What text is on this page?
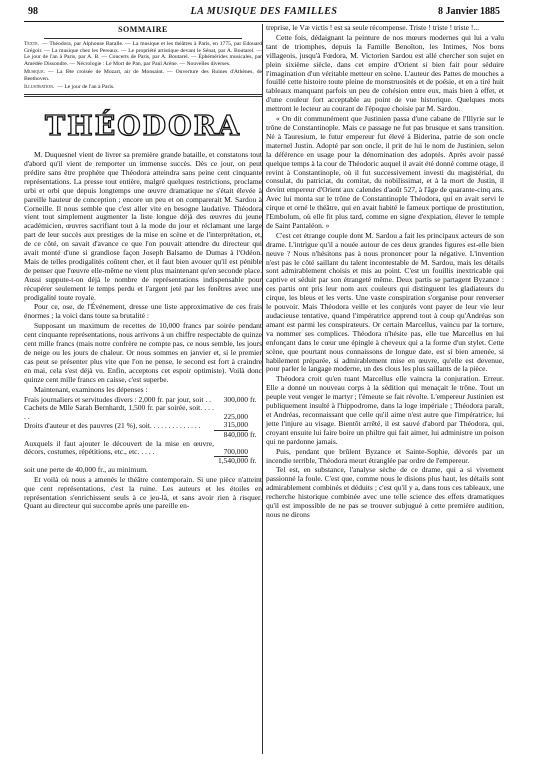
98	LA MUSIQUE DES FAMILLES	8 Janvier 1885
SOMMAIRE
Texte. — Théodora, par Alphonse Baralle. — La musique et les théâtres à Paris, en 1775, par Edouard Grégoir. — La musique chez les Pereaux. — Le propriété artistique devant le Sénat, par A. Boutarel. — Le jour de l'an à Paris, par A. B. — Concerts de Paris, par A. Boutarel. — Éphémérides musicales, par Amédée Dissondre. — Nécrologie : Le Mort de Pan, par Paul Arène. — Nouvelles diverses.
Musique. — La fête croisée de Mozart, air de Monsaint. — Ouverture des Ruines d'Athènes, de Beethoven.
Illustration. — Le jour de l'an à Paris.
THÉODORA

M. Duquesnel vient de livrer sa première grande bataille, et constatons tout d'abord qu'il vient de remporter un immense succès. Dès ce jour, on peut prédire sans être prophète que Théodora atteindra sans peine cent cinquante représentations. La presse tout entière, malgré quelques restrictions, proclame urbi et orbi que depuis longtemps une œuvre dramatique ne s'était élevée à pareille hauteur de conception ; encore un peu et on comparerait M. Sardou à Corneille. Il nous semble que c'est aller vite en besogne laudative. Théodora vient tout simplement augmenter la liste longue déjà des œuvres du jeune académicien, œuvres sacrifiant tout à la mode du jour et réclamant une large part de leur succès aux prestiges de la mise en scène et de l'interprétation, et, de ce côté, on savait d'avance ce que l'on pouvait attendre du directeur qui avait monté d'une si grandiose façon Joseph Balsamo de Dumas à l'Odéon. Mais de telles prodigalités coûtent cher, et il faut bien avouer qu'il est pénible de penser que l'œuvre elle-même ne vient plus maintenant qu'en seconde place. Aussi suppute-t-on déjà le nombre de représentations indispensable pour récupérer seulement le temps perdu et l'argent jeté par les fenêtres avec une prodigalité toute royale.

Pour ce, ose, de l'Événement, dresse une liste approximative de ces frais énormes ; la voici dans toute sa brutalité :

Supposant un maximum de recettes de 10,000 francs par soirée pendant cent cinquante représentations, nous arrivons à un chiffre respectable de quinze cent mille francs (mais notre confrère ne compte pas, ce nous semble, les jours de neige ou les jours de chaleur. Or nous sommes en janvier et, si le premier cas peut se présenter plus vite que l'on ne pense, le second est fort à craindre en mai, cela s'est déjà vu. Enfin, acceptons cet espoir optimiste). Voilà donc quinze cent mille francs en caisse, c'est superbe.

Maintenant, examinons les dépenses :

Frais journaliers et servitudes divers : 2,000 fr. par jour, soit . .	300,000	fr.
Cachets de Mlle Sarah Bernhardt, 1,500 fr. par soirée, soit. . . . . .	225,000	
Droits d'auteur et des pauvres (21 %), soit. . . . . . . . . . . . . .	315,000	
	840,000	fr.
Auxquels il faut ajouter le découvert de la mise en œuvre, décors, costumes, répétitions, etc., etc. . . . .	700,000	
	1,540,000	fr.

soit une perte de 40,000 fr., au minimum.

Et voilà où nous a amenés le théâtre contemporain. Si une pièce n'atteint que cent représentations, c'est la ruine. Les auteurs et les étoiles en représentation s'enrichissent seuls à ce jeu-là, et sans avoir rien à risquer. Quant au directeur qui succombe après une pareille en-

treprise, le Væ victis ! est sa seule récompense. Triste ! triste ! triste !...

Cette fois, dédaignant la peinture de nos mœurs modernes qui lui a valu tant de triomphes, depuis la Famille Benoîton, les Intimes, Nos bons villageois, jusqu'à Fœdora, M. Victorien Sardou est allé chercher son sujet en plein sixième siècle, dans cet empire d'Orient si bien fait pour séduire l'imagination d'un véritable metteur en scène. L'auteur des Pattes de mouches a fouillé cette histoire toute pleine de monstruosités et de poésie, et en a tiré huit tableaux manquant parfois un peu de cohésion entre eux, mais bien à effet, et d'une couleur fort acceptable au point de vue historique. Quelques mots mettront le lecteur au courant de l'époque choisie par M. Sardou.

« On dit communément que Justinien passa d'une cabane de l'Illyrie sur le trône de Constantinople. Mais ce passage ne fut pas brusque et sans transition. Né à Tauresium, le futur empereur fut élevé à Biderina, patrie de son oncle maternel Justin. Adopté par son oncle, il prit de lui le nom de Justinien, selon la déférence en usage pour la dénomination des adoptés. Après avoir passé quelque temps à la cour de Théodoric auquel il avait été donné comme otage, il revint à Constantinople, où il fut successivement investi du magistérial, du consulat, du patriciat, du comitat, du nobilissimat, et à la mort de Justin, il devint empereur d'Orient aux calendes d'août 527, à l'âge de quarante-cinq ans. Avec lui monta sur le trône de Constantinople Théodora, qui en avait servi le cirque et orné le théâtre, qui en avait habité le fameux portique de prostitution, l'Embolum, où elle fit plus tard, comme en signe d'expiation, élever le temple de Saint Pantaléon. »

C'est cet étrange couple dont M. Sardou a fait les principaux acteurs de son drame. L'intrigue qu'il a nouée autour de ces deux grandes figures est-elle bien neuve ? Nous n'hésitons pas à nous prononcer pour la négative. L'invention n'est pas le côté saillant du talent incontestable de M. Sardou, mais les détails sont admirablement choisis et mis au point. C'est un fouillis inextricable qui captive et séduit par son étrangeté même. Deux partis se partagent Byzance : ces partis ont pris leur nom aux couleurs qui distinguent les gladiateurs du cirque, les bleus et les verts. Une vaste conspiration s'organise pour renverser le pouvoir. Mais Théodora veille et les conjurés vont payer de leur vie leur audacieuse tentative, quand l'impératrice apprend tout à coup qu'Andréas son amant est parmi les conspirateurs. Or certain Marcellus, vaincu par la torture, va nommer ses complices. Théodora n'hésite pas, elle tue Marcellus en lui enfonçant dans le cœur une épingle à cheveux qui a la forme d'un stylet. Cette scène, que pourtant nous connaissons de longue date, est si bien amenée, si habilement préparée, si admirablement mise en œuvre, qu'elle est devenue, pour parler le langage moderne, un des clous les plus saillants de la pièce.

Théodora croit qu'en tuant Marcellus elle vaincra la conjuration. Erreur. Elle a donné un nouveau corps à la sédition qui menaçait le trône. Tout un peuple veut venger le martyr ; l'émeute se fait révolte. L'empereur Justinien est publiquement insulté à l'hippodrome, dans la loge impériale ; Théodora paraît, et Andréas, reconnaissant que celle qu'il aime n'est autre que l'impératrice, lui jette l'injure au visage. Bientôt arrêté, il est sauvé d'abord par Théodora, qui, croyant ensuite lui faire boire un philtre qui fait aimer, lui administre un poison qui ne pardonne jamais.

Puis, pendant que brûlent Byzance et Sainte-Sophie, dévorés par un incendie terrible, Théodora meurt étranglée par ordre de l'empereur.

Tel est, en substance, l'analyse sèche de ce drame, qui a si vivement passionné la foule. C'est que, comme nous le disions plus haut, les détails sont admirablement combinés et déduits ; c'est qu'il y a, dans tous ces tableaux, une recherche historique combinée avec une telle science des effets dramatiques qu'il est impossible de ne pas se trouver subjugué à cette première audition, nous ne dirons
